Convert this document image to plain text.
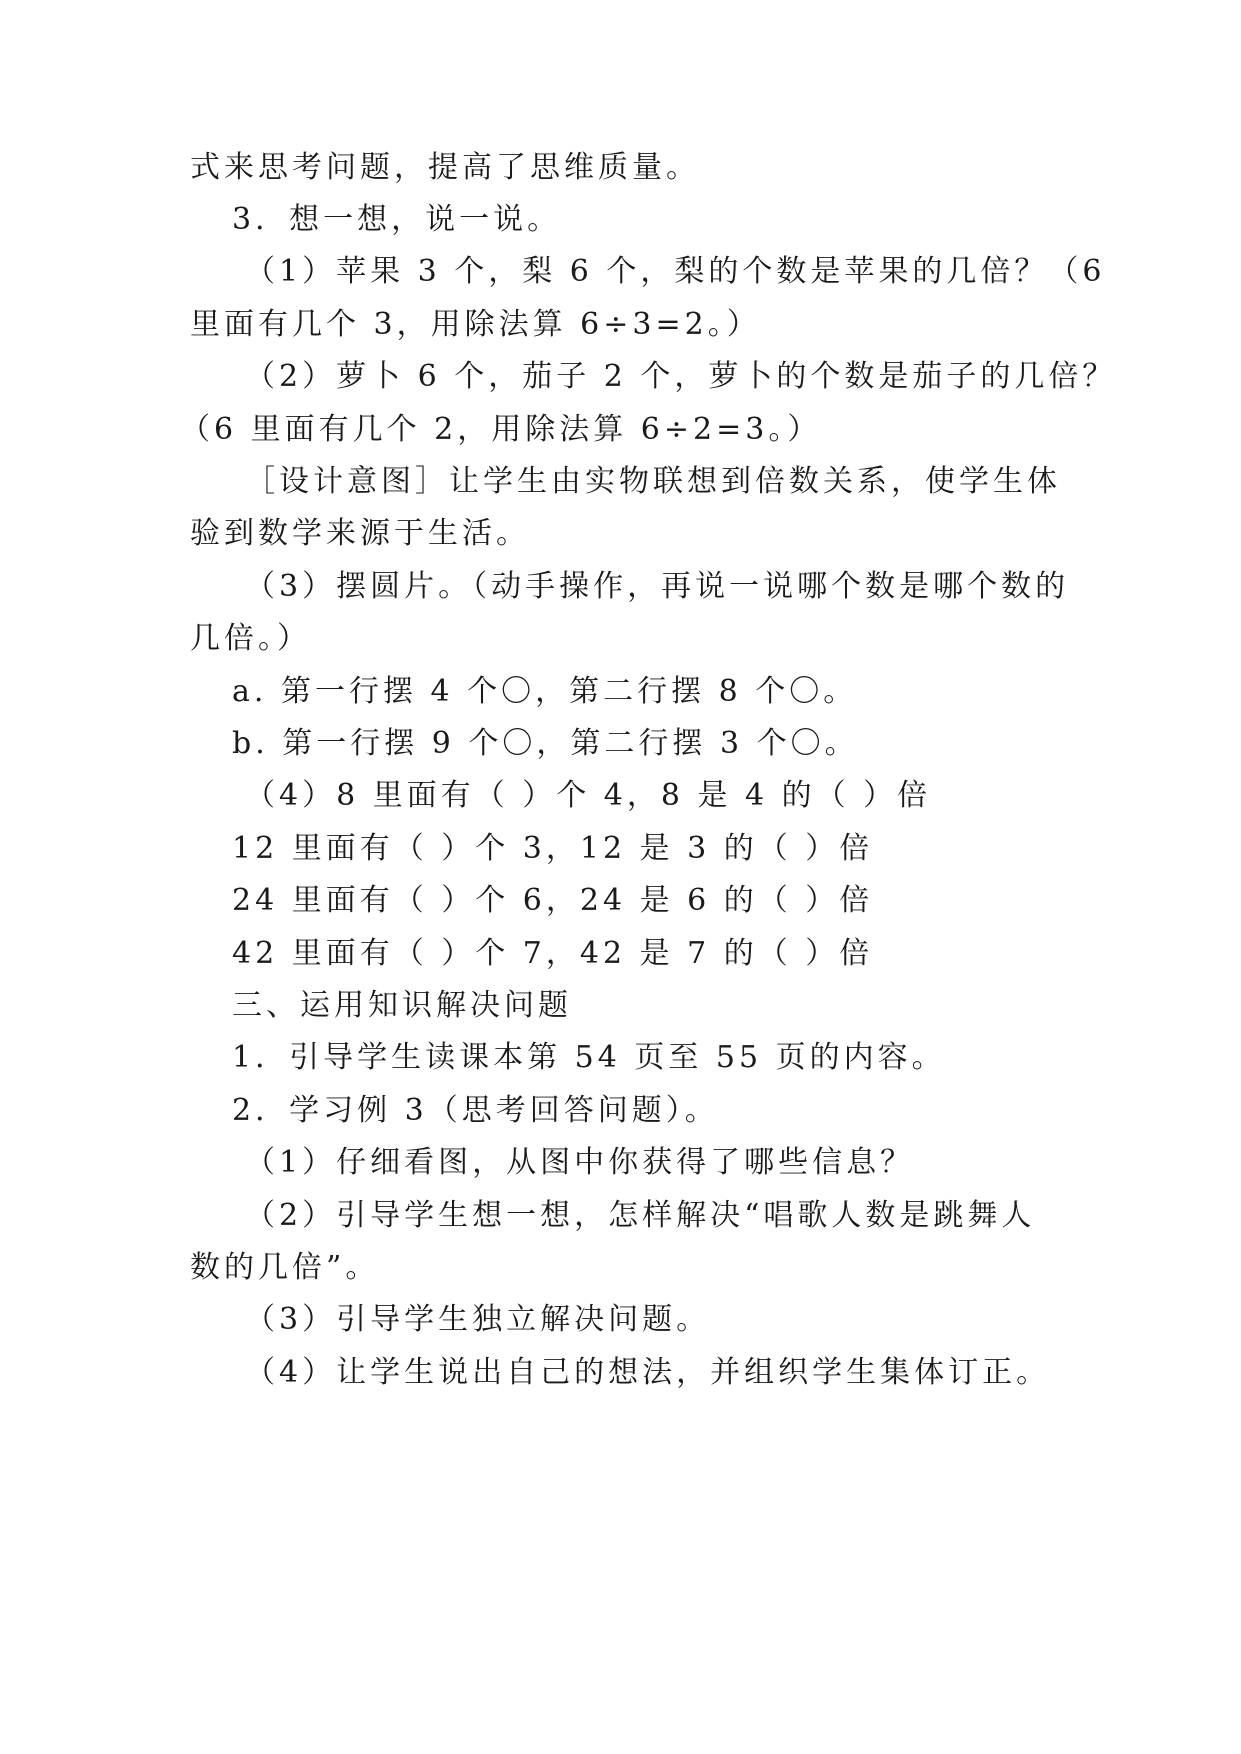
式来思考问题，提高了思维质量。
3．想一想，说一说。
（1）苹果 3 个，梨 6 个，梨的个数是苹果的几倍？（6
里面有几个 3，用除法算 6÷3=2。）
（2）萝卜 6 个，茄子 2 个，萝卜的个数是茄子的几倍？
（6 里面有几个 2，用除法算 6÷2=3。）
［设计意图］让学生由实物联想到倍数关系，使学生体
验到数学来源于生活。
（3）摆圆片。（动手操作，再说一说哪个数是哪个数的
几倍。）
a. 第一行摆 4 个〇，第二行摆 8 个〇。
b. 第一行摆 9 个〇，第二行摆 3 个〇。
（4）8 里面有（ ）个 4，8 是 4 的（ ）倍
12 里面有（ ）个 3，12 是 3 的（ ）倍
24 里面有（ ）个 6，24 是 6 的（ ）倍
42 里面有（ ）个 7，42 是 7 的（ ）倍
三、运用知识解决问题
1．引导学生读课本第 54 页至 55 页的内容。
2．学习例 3（思考回答问题）。
（1）仔细看图，从图中你获得了哪些信息？
（2）引导学生想一想，怎样解决“唱歌人数是跳舞人
数的几倍”。
（3）引导学生独立解决问题。
（4）让学生说出自己的想法，并组织学生集体订正。
